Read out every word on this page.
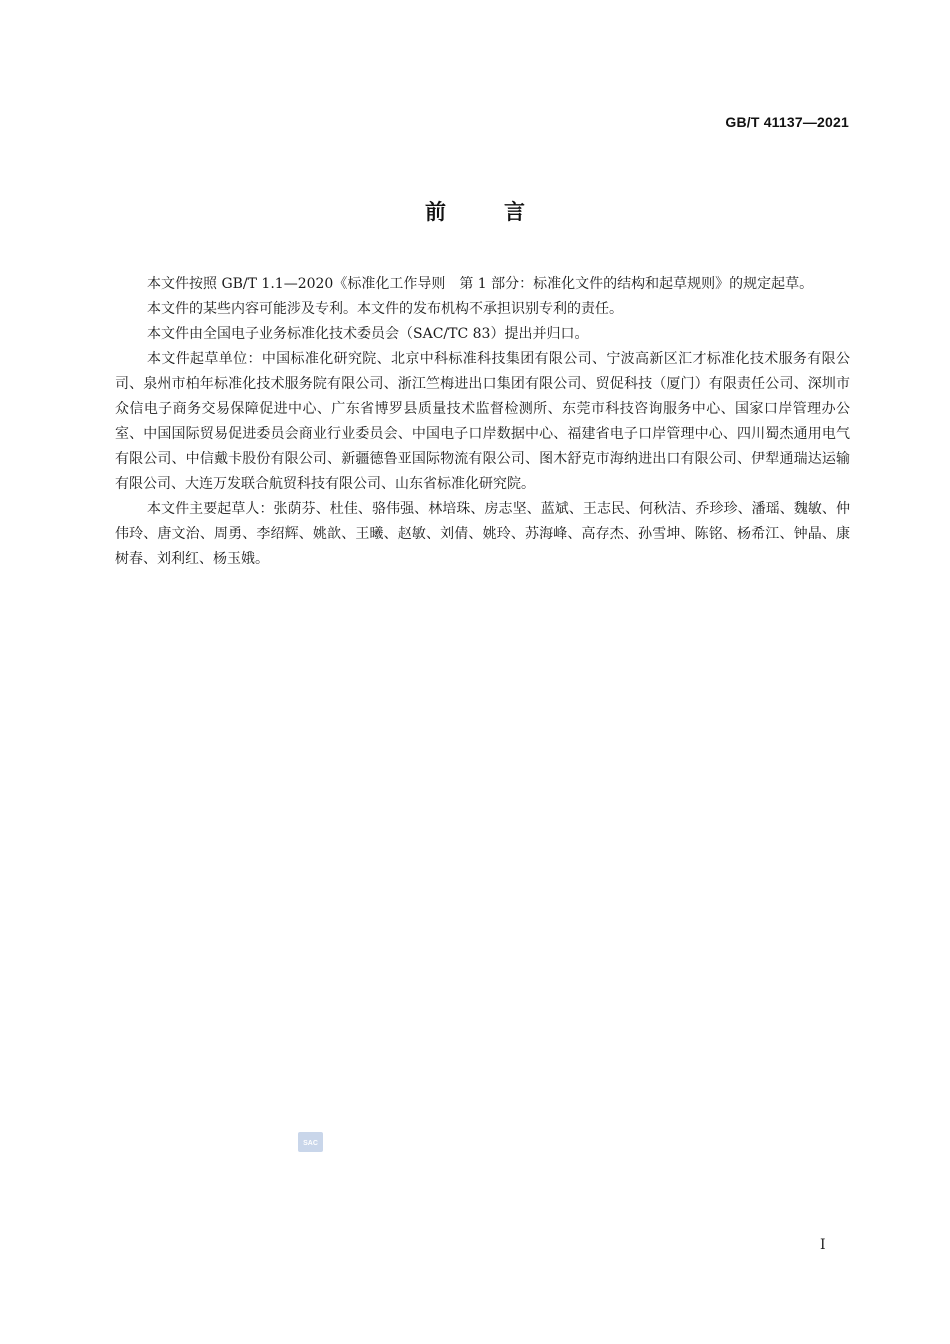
GB/T 41137—2021
前言

本文件按照 GB/T 1.1—2020《标准化工作导则　第 1 部分：标准化文件的结构和起草规则》的规定起草。

本文件的某些内容可能涉及专利。本文件的发布机构不承担识别专利的责任。

本文件由全国电子业务标准化技术委员会（SAC/TC 83）提出并归口。

本文件起草单位：中国标准化研究院、北京中科标准科技集团有限公司、宁波高新区汇才标准化技术服务有限公司、泉州市柏年标准化技术服务院有限公司、浙江竺梅进出口集团有限公司、贸促科技（厦门）有限责任公司、深圳市众信电子商务交易保障促进中心、广东省博罗县质量技术监督检测所、东莞市科技咨询服务中心、国家口岸管理办公室、中国国际贸易促进委员会商业行业委员会、中国电子口岸数据中心、福建省电子口岸管理中心、四川蜀杰通用电气有限公司、中信戴卡股份有限公司、新疆德鲁亚国际物流有限公司、图木舒克市海纳进出口有限公司、伊犁通瑞达运输有限公司、大连万发联合航贸科技有限公司、山东省标准化研究院。

本文件主要起草人：张荫芬、杜佳、骆伟强、林培珠、房志坚、蓝斌、王志民、何秋洁、乔珍珍、潘瑶、魏敏、仲伟玲、唐文治、周勇、李绍辉、姚歆、王曦、赵敏、刘倩、姚玲、苏海峰、高存杰、孙雪坤、陈铭、杨希江、钟晶、康树春、刘利红、杨玉娥。

SAC
I
